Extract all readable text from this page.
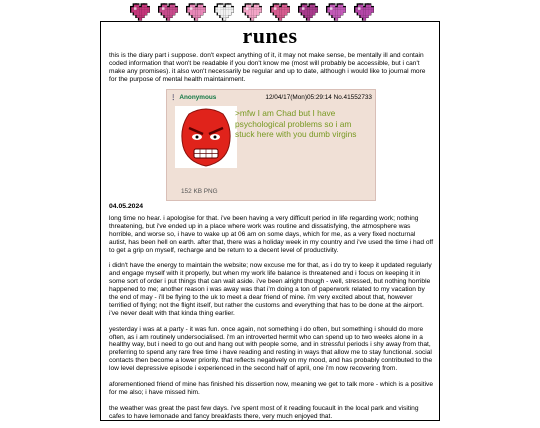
runes
this is the diary part i suppose. don't expect anything of it, it may not make sense, be mentally ill and contain coded information that won't be readable if you don't know me (most will probably be accessible, but i can't make any promises). it also won't necessarily be regular and up to date, although i would like to journal more for the purpose of mental health maintainment.
⋮ Anonymous	12/04/17(Mon)05:29:14 No.41552733
152 KB PNG
>mfw I am Chad but I have psychological problems so i am stuck here with you dumb virgins
04.05.2024

long time no hear. i apologise for that. i've been having a very difficult period in life regarding work; nothing threatening, but i've ended up in a place where work was routine and dissatisfying, the atmosphere was horrible, and worse so, i have to wake up at 06 am on some days, which for me, as a very fixed nocturnal autist, has been hell on earth. after that, there was a holiday week in my country and i've used the time i had off to get a grip on myself, recharge and be return to a decent level of productivity.

i didn't have the energy to maintain the website; now excuse me for that, as i do try to keep it updated regularly and engage myself with it properly, but when my work life balance is threatened and i focus on keeping it in some sort of order i put things that can wait aside. i've been alright though - well, stressed, but nothing horrible happened to me; another reason i was away was that i'm doing a ton of paperwork related to my vacation by the end of may - i'll be flying to the uk to meet a dear friend of mine. i'm very excited about that, however terrified of flying; not the flight itself, but rather the customs and everything that has to be done at the airport. i've never dealt with that kinda thing earlier.

yesterday i was at a party - it was fun. once again, not something i do often, but something i should do more often, as i am routinely undersocialised. i'm an introverted hermit who can spend up to two weeks alone in a healthy way, but i need to go out and hang out with people some, and in stressful periods i shy away from that, preferring to spend any rare free time i have reading and resting in ways that allow me to stay functional. social contacts then become a lower priority. that reflects negatively on my mood, and has probably contributed to the low level depressive episode i experienced in the second half of april, one i'm now recovering from.

aforementioned friend of mine has finished his dissertion now, meaning we get to talk more - which is a positive for me also; i have missed him.

the weather was great the past few days. i've spent most of it reading foucault in the local park and visiting cafes to have lemonade and fancy breakfasts there, very much enjoyed that.
